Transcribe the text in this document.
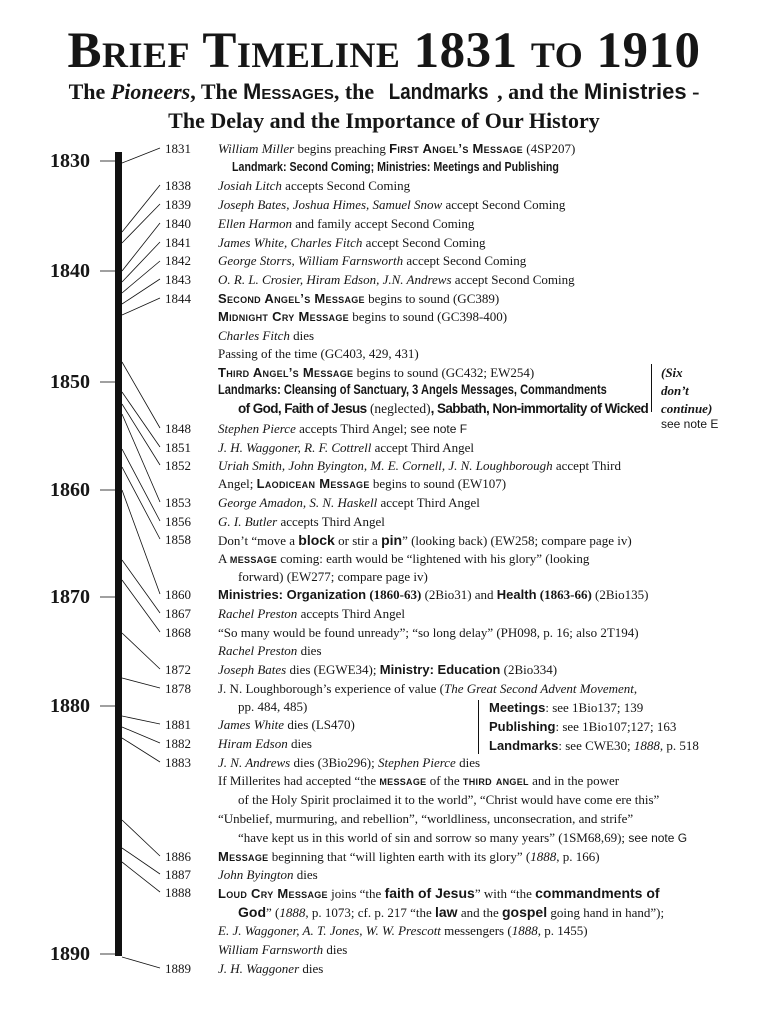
Brief Timeline 1831 to 1910
The Pioneers, The Messages, the Landmarks , and the Ministries -
The Delay and the Importance of Our History
1830
1840
1850
1860
1870
1880
1890
1831
1838
1839
1840
1841
1842
1843
1844
1848
1851
1852
1853
1856
1858
1860
1867
1868
1872
1878
1881
1882
1883
1886
1887
1888
1889
William Miller begins preaching First Angel’s Message (4SP207)
Landmark: Second Coming; Ministries: Meetings and Publishing
Josiah Litch accepts Second Coming
Joseph Bates, Joshua Himes, Samuel Snow accept Second Coming
Ellen Harmon and family accept Second Coming
James White, Charles Fitch accept Second Coming
George Storrs, William Farnsworth accept Second Coming
O. R. L. Crosier, Hiram Edson, J.N. Andrews accept Second Coming
Second Angel’s Message begins to sound (GC389)
Midnight Cry Message begins to sound (GC398-400)
Charles Fitch dies
Passing of the time (GC403, 429, 431)
Third Angel’s Message begins to sound (GC432; EW254)
Landmarks: Cleansing of Sanctuary, 3 Angels Messages, Commandments
of God, Faith of Jesus (neglected), Sabbath, Non-immortality of Wicked
Stephen Pierce accepts Third Angel; see note F
J. H. Waggoner, R. F. Cottrell accept Third Angel
Uriah Smith, John Byington, M. E. Cornell, J. N. Loughborough accept Third
Angel; Laodicean Message begins to sound (EW107)
George Amadon, S. N. Haskell accept Third Angel
G. I. Butler accepts Third Angel
Don’t “move a block or stir a pin” (looking back) (EW258; compare page iv)
A message coming: earth would be “lightened with his glory” (looking
forward) (EW277; compare page iv)
Ministries: Organization (1860-63) (2Bio31) and Health (1863-66) (2Bio135)
Rachel Preston accepts Third Angel
“So many would be found unready”; “so long delay” (PH098, p. 16; also 2T194)
Rachel Preston dies
Joseph Bates dies (EGWE34); Ministry: Education (2Bio334)
J. N. Loughborough’s experience of value (The Great Second Advent Movement,
pp. 484, 485)
James White dies (LS470)
Hiram Edson dies
J. N. Andrews dies (3Bio296); Stephen Pierce dies
If Millerites had accepted “the message of the third angel and in the power
of the Holy Spirit proclaimed it to the world”, “Christ would have come ere this”
“Unbelief, murmuring, and rebellion”, “worldliness, unconsecration, and strife”
“have kept us in this world of sin and sorrow so many years” (1SM68,69); see note G
Message beginning that “will lighten earth with its glory” (1888, p. 166)
John Byington dies
Loud Cry Message joins “the faith of Jesus” with “the commandments of
God” (1888, p. 1073; cf. p. 217 “the law and the gospel going hand in hand”);
E. J. Waggoner, A. T. Jones, W. W. Prescott messengers (1888, p. 1455)
William Farnsworth dies
J. H. Waggoner dies
(Six
don’t
continue)
see note E
Meetings: see 1Bio137; 139
Publishing: see 1Bio107;127; 163
Landmarks: see CWE30; 1888, p. 518
